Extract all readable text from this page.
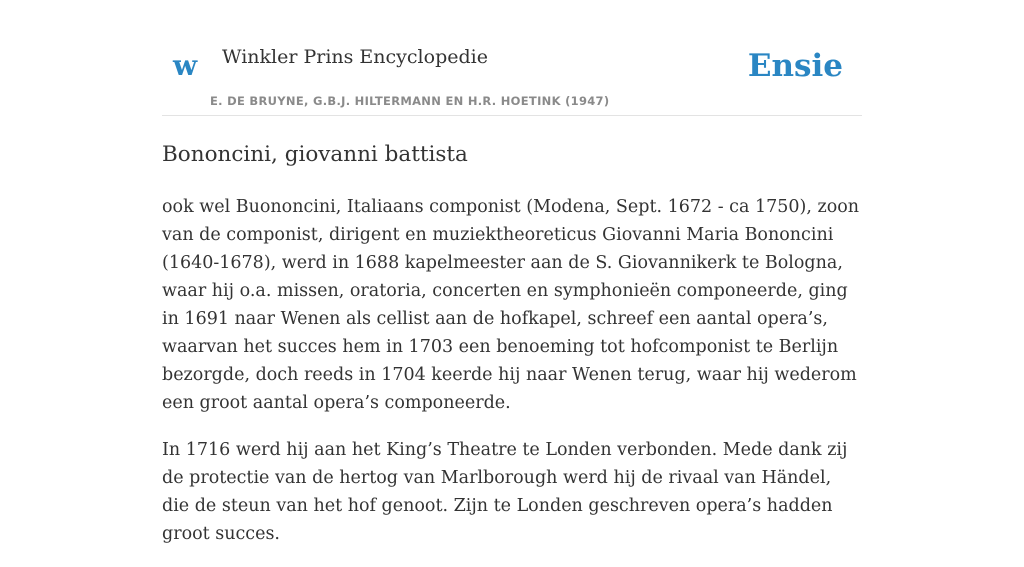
w Winkler Prins Encyclopedie
E. DE BRUYNE, G.B.J. HILTERMANN EN H.R. HOETINK (1947)
Ensie
Bononcini, giovanni battista

ook wel Buononcini, Italiaans componist (Modena, Sept. 1672 - ca 1750), zoon van de componist, dirigent en muziektheoreticus Giovanni Maria Bononcini (1640-1678), werd in 1688 kapelmeester aan de S. Giovannikerk te Bologna, waar hij o.a. missen, oratoria, concerten en symphonieën componeerde, ging in 1691 naar Wenen als cellist aan de hofkapel, schreef een aantal opera’s, waarvan het succes hem in 1703 een benoeming tot hofcomponist te Berlijn bezorgde, doch reeds in 1704 keerde hij naar Wenen terug, waar hij wederom een groot aantal opera’s componeerde.

In 1716 werd hij aan het King’s Theatre te Londen verbonden. Mede dank zij de protectie van de hertog van Marlborough werd hij de rivaal van Händel, die de steun van het hof genoot. Zijn te Londen geschreven opera’s hadden groot succes.
